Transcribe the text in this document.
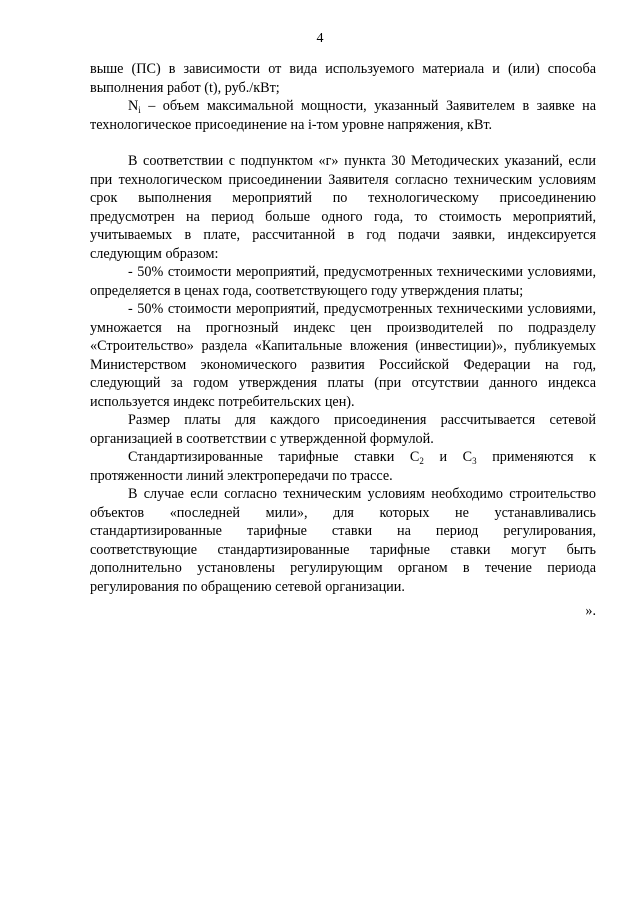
4

выше (ПС) в зависимости от вида используемого материала и (или) способа выполнения работ (t), руб./кВт;

$N_i$ – объем максимальной мощности, указанный Заявителем в заявке на технологическое присоединение на i-том уровне напряжения, кВт.

В соответствии с подпунктом «г» пункта 30 Методических указаний, если при технологическом присоединении Заявителя согласно техническим условиям срок выполнения мероприятий по технологическому присоединению предусмотрен на период больше одного года, то стоимость мероприятий, учитываемых в плате, рассчитанной в год подачи заявки, индексируется следующим образом:

- 50% стоимости мероприятий, предусмотренных техническими условиями, определяется в ценах года, соответствующего году утверждения платы;

- 50% стоимости мероприятий, предусмотренных техническими условиями, умножается на прогнозный индекс цен производителей по подразделу «Строительство» раздела «Капитальные вложения (инвестиции)», публикуемых Министерством экономического развития Российской Федерации на год, следующий за годом утверждения платы (при отсутствии данного индекса используется индекс потребительских цен).

Размер платы для каждого присоединения рассчитывается сетевой организацией в соответствии с утвержденной формулой.

Стандартизированные тарифные ставки $С_2$ и $С_3$ применяются к протяженности линий электропередачи по трассе.

В случае если согласно техническим условиям необходимо строительство объектов «последней мили», для которых не устанавливались стандартизированные тарифные ставки на период регулирования, соответствующие стандартизированные тарифные ставки могут быть дополнительно установлены регулирующим органом в течение периода регулирования по обращению сетевой организации.

».
